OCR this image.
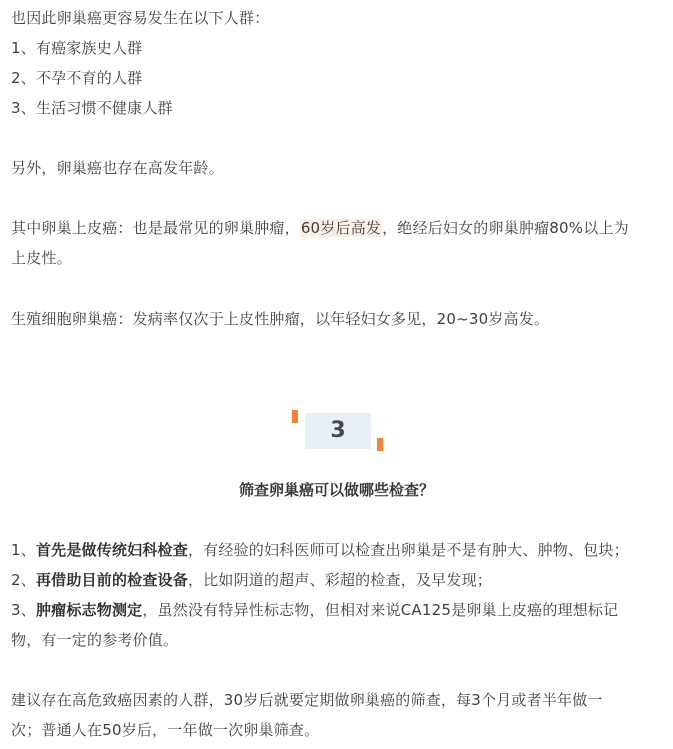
也因此卵巢癌更容易发生在以下人群：
1、有癌家族史人群
2、不孕不育的人群
3、生活习惯不健康人群
另外，卵巢癌也存在高发年龄。
其中卵巢上皮癌：也是最常见的卵巢肿瘤，60岁后高发，绝经后妇女的卵巢肿瘤80%以上为
上皮性。
生殖细胞卵巢癌：发病率仅次于上皮性肿瘤，以年轻妇女多见，20~30岁高发。
3
筛查卵巢癌可以做哪些检查？
1、首先是做传统妇科检查，有经验的妇科医师可以检查出卵巢是不是有肿大、肿物、包块；
2、再借助目前的检查设备，比如阴道的超声、彩超的检查，及早发现；
3、肿瘤标志物测定，虽然没有特异性标志物，但相对来说CA125是卵巢上皮癌的理想标记
物，有一定的参考价值。
建议存在高危致癌因素的人群，30岁后就要定期做卵巢癌的筛查，每3个月或者半年做一
次；普通人在50岁后，一年做一次卵巢筛查。
